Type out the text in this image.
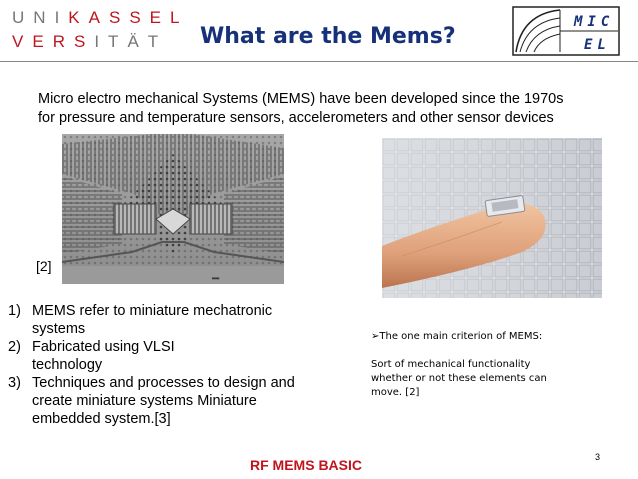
UNIKASSEL
VERSITÄT What are the Mems?
MIC
EL
Micro electro mechanical Systems (MEMS) have been developed since the 1970s
for pressure and temperature sensors, accelerometers and other sensor devices
▬▬
[2]
1) MEMS refer to miniature mechatronic
systems
2) Fabricated using VLSI
technology
3) Techniques and processes to design and
create miniature systems Miniature
embedded system.[3]
➢The one main criterion of MEMS:
Sort of mechanical functionality
whether or not these elements can
move. [2]
3
RF MEMS BASIC
